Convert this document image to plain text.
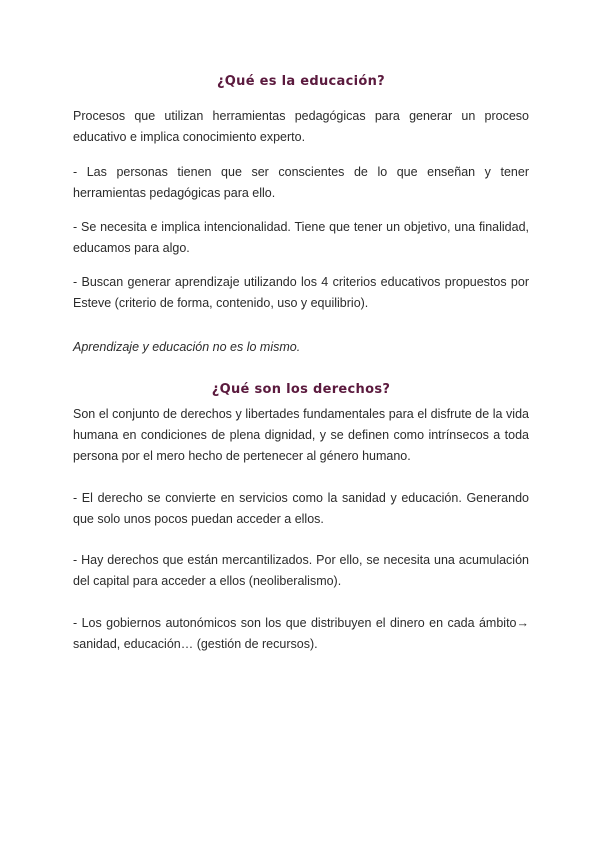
¿Qué es la educación?

Procesos que utilizan herramientas pedagógicas para generar un proceso educativo e implica conocimiento experto.

- Las personas tienen que ser conscientes de lo que enseñan y tener herramientas pedagógicas para ello.

- Se necesita e implica intencionalidad. Tiene que tener un objetivo, una finalidad, educamos para algo.

- Buscan generar aprendizaje utilizando los 4 criterios educativos propuestos por Esteve (criterio de forma, contenido, uso y equilibrio).

Aprendizaje y educación no es lo mismo.

¿Qué son los derechos?

Son el conjunto de derechos y libertades fundamentales para el disfrute de la vida humana en condiciones de plena dignidad, y se definen como intrínsecos a toda persona por el mero hecho de pertenecer al género humano.

- El derecho se convierte en servicios como la sanidad y educación. Generando que solo unos pocos puedan acceder a ellos.

- Hay derechos que están mercantilizados. Por ello, se necesita una acumulación del capital para acceder a ellos (neoliberalismo).

- Los gobiernos autonómicos son los que distribuyen el dinero en cada ámbito→ sanidad, educación… (gestión de recursos).
